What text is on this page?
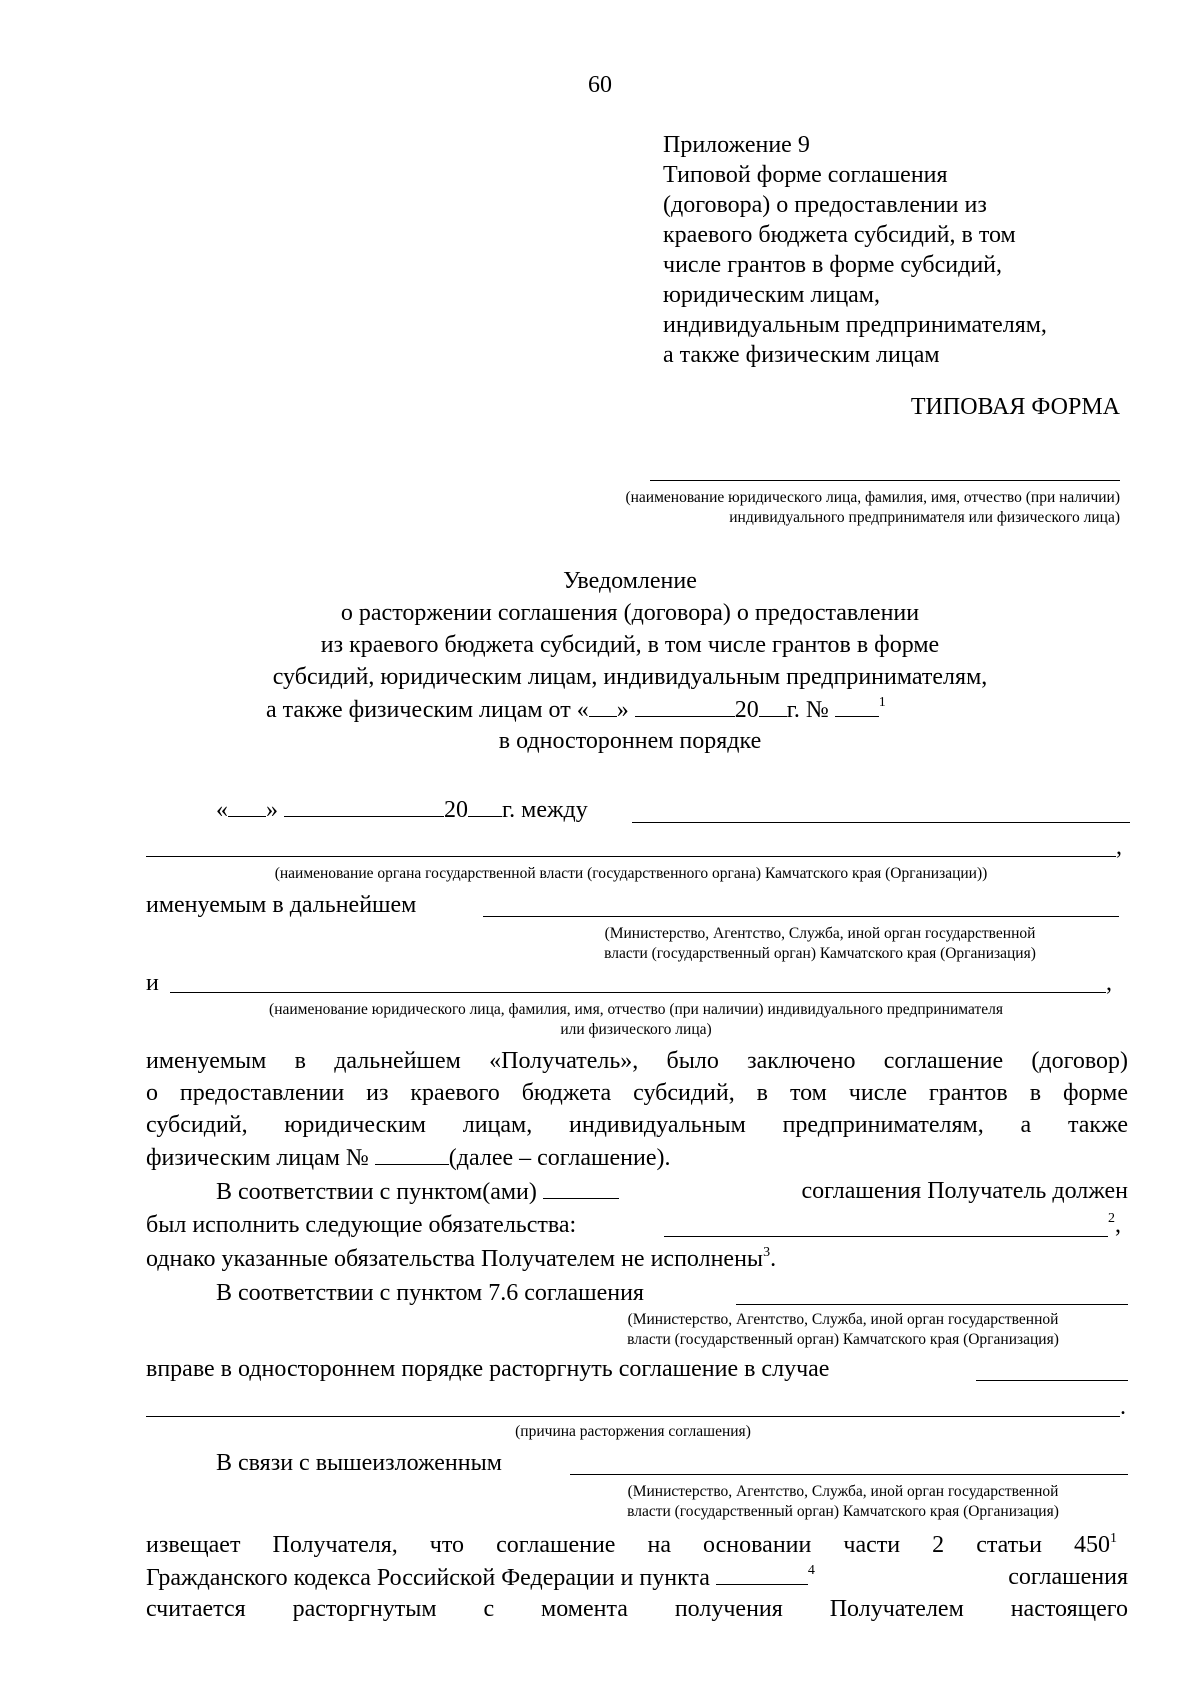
60
Приложение 9
Типовой форме соглашения
(договора) о предоставлении из
краевого бюджета субсидий, в том
числе грантов в форме субсидий,
юридическим лицам,
индивидуальным предпринимателям,
а также физическим лицам
ТИПОВАЯ ФОРМА
(наименование юридического лица, фамилия, имя, отчество (при наличии)
индивидуального предпринимателя или физического лица)
Уведомление
о расторжении соглашения (договора) о предоставлении
из краевого бюджета субсидий, в том числе грантов в форме
субсидий, юридическим лицам, индивидуальным предпринимателям,
а также физическим лицам от « »	20 г. №	$^1$
в одностороннем порядке
« »	20 г. между
,
(наименование органа государственной власти (государственного органа) Камчатского края (Организации))
именуемым в дальнейшем
(Министерство, Агентство, Служба, иной орган государственной
власти (государственный орган) Камчатского края (Организация)
и	,
(наименование юридического лица, фамилия, имя, отчество (при наличии) индивидуального предпринимателя
или физического лица)
именуемым в дальнейшем «Получатель», было заключено соглашение (договор)
о предоставлении из краевого бюджета субсидий, в том числе грантов в форме
субсидий, юридическим лицам, индивидуальным предпринимателям, а также
физическим лицам №	(далее – соглашение).
В соответствии с пунктом(ами)	соглашения Получатель должен
был исполнить следующие обязательства:	$^2$,
однако указанные обязательства Получателем не исполнены$^3$.
В соответствии с пунктом 7.6 соглашения
(Министерство, Агентство, Служба, иной орган государственной
власти (государственный орган) Камчатского края (Организация)
вправе в одностороннем порядке расторгнуть соглашение в случае
.
(причина расторжения соглашения)
В связи с вышеизложенным
(Министерство, Агентство, Служба, иной орган государственной
власти (государственный орган) Камчатского края (Организация)
извещает Получателя, что соглашение на основании части 2 статьи $450^1$
Гражданского кодекса Российской Федерации и пункта	$^4$	соглашения
считается расторгнутым с момента получения Получателем настоящего
